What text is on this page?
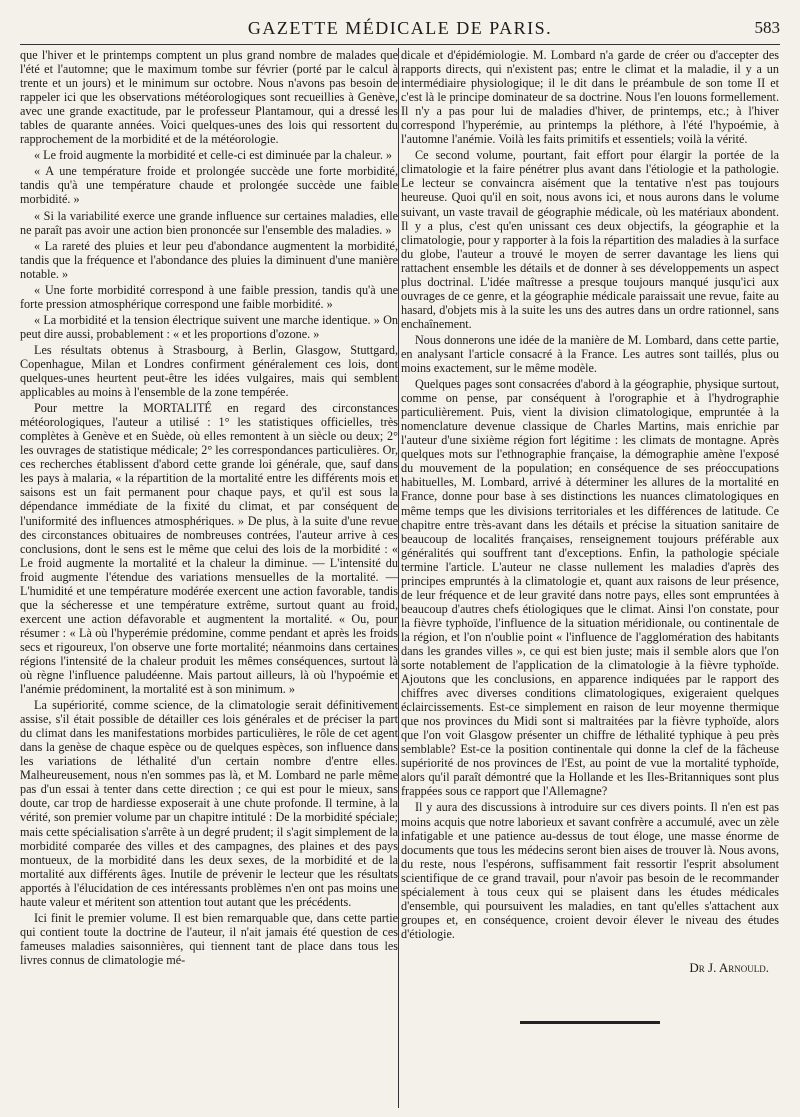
GAZETTE MÉDICALE DE PARIS.	583

que l'hiver et le printemps comptent un plus grand nombre de malades que l'été et l'automne; que le maximum tombe sur février (porté par le calcul à trente et un jours) et le minimum sur octobre. Nous n'avons pas besoin de rappeler ici que les observations météorologiques sont recueillies à Genève, avec une grande exactitude, par le professeur Plantamour, qui a dressé les tables de quarante années. Voici quelques-unes des lois qui ressortent du rapprochement de la morbidité et de la météorologie.

« Le froid augmente la morbidité et celle-ci est diminuée par la chaleur. »

« A une température froide et prolongée succède une forte morbidité, tandis qu'à une température chaude et prolongée succède une faible morbidité. »

« Si la variabilité exerce une grande influence sur certaines maladies, elle ne paraît pas avoir une action bien prononcée sur l'ensemble des maladies. »

« La rareté des pluies et leur peu d'abondance augmentent la morbidité, tandis que la fréquence et l'abondance des pluies la diminuent d'une manière notable. »

« Une forte morbidité correspond à une faible pression, tandis qu'à une forte pression atmosphérique correspond une faible morbidité. »

« La morbidité et la tension électrique suivent une marche identique. » On peut dire aussi, probablement : « et les proportions d'ozone. »

Les résultats obtenus à Strasbourg, à Berlin, Glasgow, Stuttgard, Copenhague, Milan et Londres confirment généralement ces lois, dont quelques-unes heurtent peut-être les idées vulgaires, mais qui semblent applicables au moins à l'ensemble de la zone tempérée.

Pour mettre la MORTALITÉ en regard des circonstances météorologiques, l'auteur a utilisé : 1° les statistiques officielles, très complètes à Genève et en Suède, où elles remontent à un siècle ou deux; 2° les ouvrages de statistique médicale; 2° les correspondances particulières. Or, ces recherches établissent d'abord cette grande loi générale, que, sauf dans les pays à malaria, « la répartition de la mortalité entre les différents mois et saisons est un fait permanent pour chaque pays, et qu'il est sous la dépendance immédiate de la fixité du climat, et par conséquent de l'uniformité des influences atmosphériques. » De plus, à la suite d'une revue des circonstances obituaires de nombreuses contrées, l'auteur arrive à ces conclusions, dont le sens est le même que celui des lois de la morbidité : « Le froid augmente la mortalité et la chaleur la diminue. — L'intensité du froid augmente l'étendue des variations mensuelles de la mortalité. — L'humidité et une température modérée exercent une action favorable, tandis que la sécheresse et une température extrême, surtout quant au froid, exercent une action défavorable et augmentent la mortalité. « Ou, pour résumer : « Là où l'hyperémie prédomine, comme pendant et après les froids secs et rigoureux, l'on observe une forte mortalité; néanmoins dans certaines régions l'intensité de la chaleur produit les mêmes conséquences, surtout là où règne l'influence paludéenne. Mais partout ailleurs, là où l'hypoémie et l'anémie prédominent, la mortalité est à son minimum. »

La supériorité, comme science, de la climatologie serait définitivement assise, s'il était possible de détailler ces lois générales et de préciser la part du climat dans les manifestations morbides particulières, le rôle de cet agent dans la genèse de chaque espèce ou de quelques espèces, son influence dans les variations de léthalité d'un certain nombre d'entre elles. Malheureusement, nous n'en sommes pas là, et M. Lombard ne parle même pas d'un essai à tenter dans cette direction ; ce qui est pour le mieux, sans doute, car trop de hardiesse exposerait à une chute profonde. Il termine, à la vérité, son premier volume par un chapitre intitulé : De la morbidité spéciale; mais cette spécialisation s'arrête à un degré prudent; il s'agit simplement de la morbidité comparée des villes et des campagnes, des plaines et des pays montueux, de la morbidité dans les deux sexes, de la morbidité et de la mortalité aux différents âges. Inutile de prévenir le lecteur que les résultats apportés à l'élucidation de ces intéressants problèmes n'en ont pas moins une haute valeur et méritent son attention tout autant que les précédents.

Ici finit le premier volume. Il est bien remarquable que, dans cette partie qui contient toute la doctrine de l'auteur, il n'ait jamais été question de ces fameuses maladies saisonnières, qui tiennent tant de place dans tous les livres connus de climatologie mé-

dicale et d'épidémiologie. M. Lombard n'a garde de créer ou d'accepter des rapports directs, qui n'existent pas; entre le climat et la maladie, il y a un intermédiaire physiologique; il le dit dans le préambule de son tome II et c'est là le principe dominateur de sa doctrine. Nous l'en louons formellement. Il n'y a pas pour lui de maladies d'hiver, de printemps, etc.; à l'hiver correspond l'hyperémie, au printemps la pléthore, à l'été l'hypoémie, à l'automne l'anémie. Voilà les faits primitifs et essentiels; voilà la vérité.

Ce second volume, pourtant, fait effort pour élargir la portée de la climatologie et la faire pénétrer plus avant dans l'étiologie et la pathologie. Le lecteur se convaincra aisément que la tentative n'est pas toujours heureuse. Quoi qu'il en soit, nous avons ici, et nous aurons dans le volume suivant, un vaste travail de géographie médicale, où les matériaux abondent. Il y a plus, c'est qu'en unissant ces deux objectifs, la géographie et la climatologie, pour y rapporter à la fois la répartition des maladies à la surface du globe, l'auteur a trouvé le moyen de serrer davantage les liens qui rattachent ensemble les détails et de donner à ses développements un aspect plus doctrinal. L'idée maîtresse a presque toujours manqué jusqu'ici aux ouvrages de ce genre, et la géographie médicale paraissait une revue, faite au hasard, d'objets mis à la suite les uns des autres dans un ordre rationnel, sans enchaînement.

Nous donnerons une idée de la manière de M. Lombard, dans cette partie, en analysant l'article consacré à la France. Les autres sont taillés, plus ou moins exactement, sur le même modèle.

Quelques pages sont consacrées d'abord à la géographie, physique surtout, comme on pense, par conséquent à l'orographie et à l'hydrographie particulièrement. Puis, vient la division climatologique, empruntée à la nomenclature devenue classique de Charles Martins, mais enrichie par l'auteur d'une sixième région fort légitime : les climats de montagne. Après quelques mots sur l'ethnographie française, la démographie amène l'exposé du mouvement de la population; en conséquence de ses préoccupations habituelles, M. Lombard, arrivé à déterminer les allures de la mortalité en France, donne pour base à ses distinctions les nuances climatologiques en même temps que les divisions territoriales et les différences de latitude. Ce chapitre entre très-avant dans les détails et précise la situation sanitaire de beaucoup de localités françaises, renseignement toujours préférable aux généralités qui souffrent tant d'exceptions. Enfin, la pathologie spéciale termine l'article. L'auteur ne classe nullement les maladies d'après des principes empruntés à la climatologie et, quant aux raisons de leur présence, de leur fréquence et de leur gravité dans notre pays, elles sont empruntées à beaucoup d'autres chefs étiologiques que le climat. Ainsi l'on constate, pour la fièvre typhoïde, l'influence de la situation méridionale, ou continentale de la région, et l'on n'oublie point « l'influence de l'agglomération des habitants dans les grandes villes », ce qui est bien juste; mais il semble alors que l'on sorte notablement de l'application de la climatologie à la fièvre typhoïde. Ajoutons que les conclusions, en apparence indiquées par le rapport des chiffres avec diverses conditions climatologiques, exigeraient quelques éclaircissements. Est-ce simplement en raison de leur moyenne thermique que nos provinces du Midi sont si maltraitées par la fièvre typhoïde, alors que l'on voit Glasgow présenter un chiffre de léthalité typhique à peu près semblable? Est-ce la position continentale qui donne la clef de la fâcheuse supériorité de nos provinces de l'Est, au point de vue la mortalité typhoïde, alors qu'il paraît démontré que la Hollande et les Iles-Britanniques sont plus frappées sous ce rapport que l'Allemagne?

Il y aura des discussions à introduire sur ces divers points. Il n'en est pas moins acquis que notre laborieux et savant confrère a accumulé, avec un zèle infatigable et une patience au-dessus de tout éloge, une masse énorme de documents que tous les médecins seront bien aises de trouver là. Nous avons, du reste, nous l'espérons, suffisamment fait ressortir l'esprit absolument scientifique de ce grand travail, pour n'avoir pas besoin de le recommander spécialement à tous ceux qui se plaisent dans les études médicales d'ensemble, qui poursuivent les maladies, en tant qu'elles s'attachent aux groupes et, en conséquence, croient devoir élever le niveau des études d'étiologie.

Dr J. Arnould.
